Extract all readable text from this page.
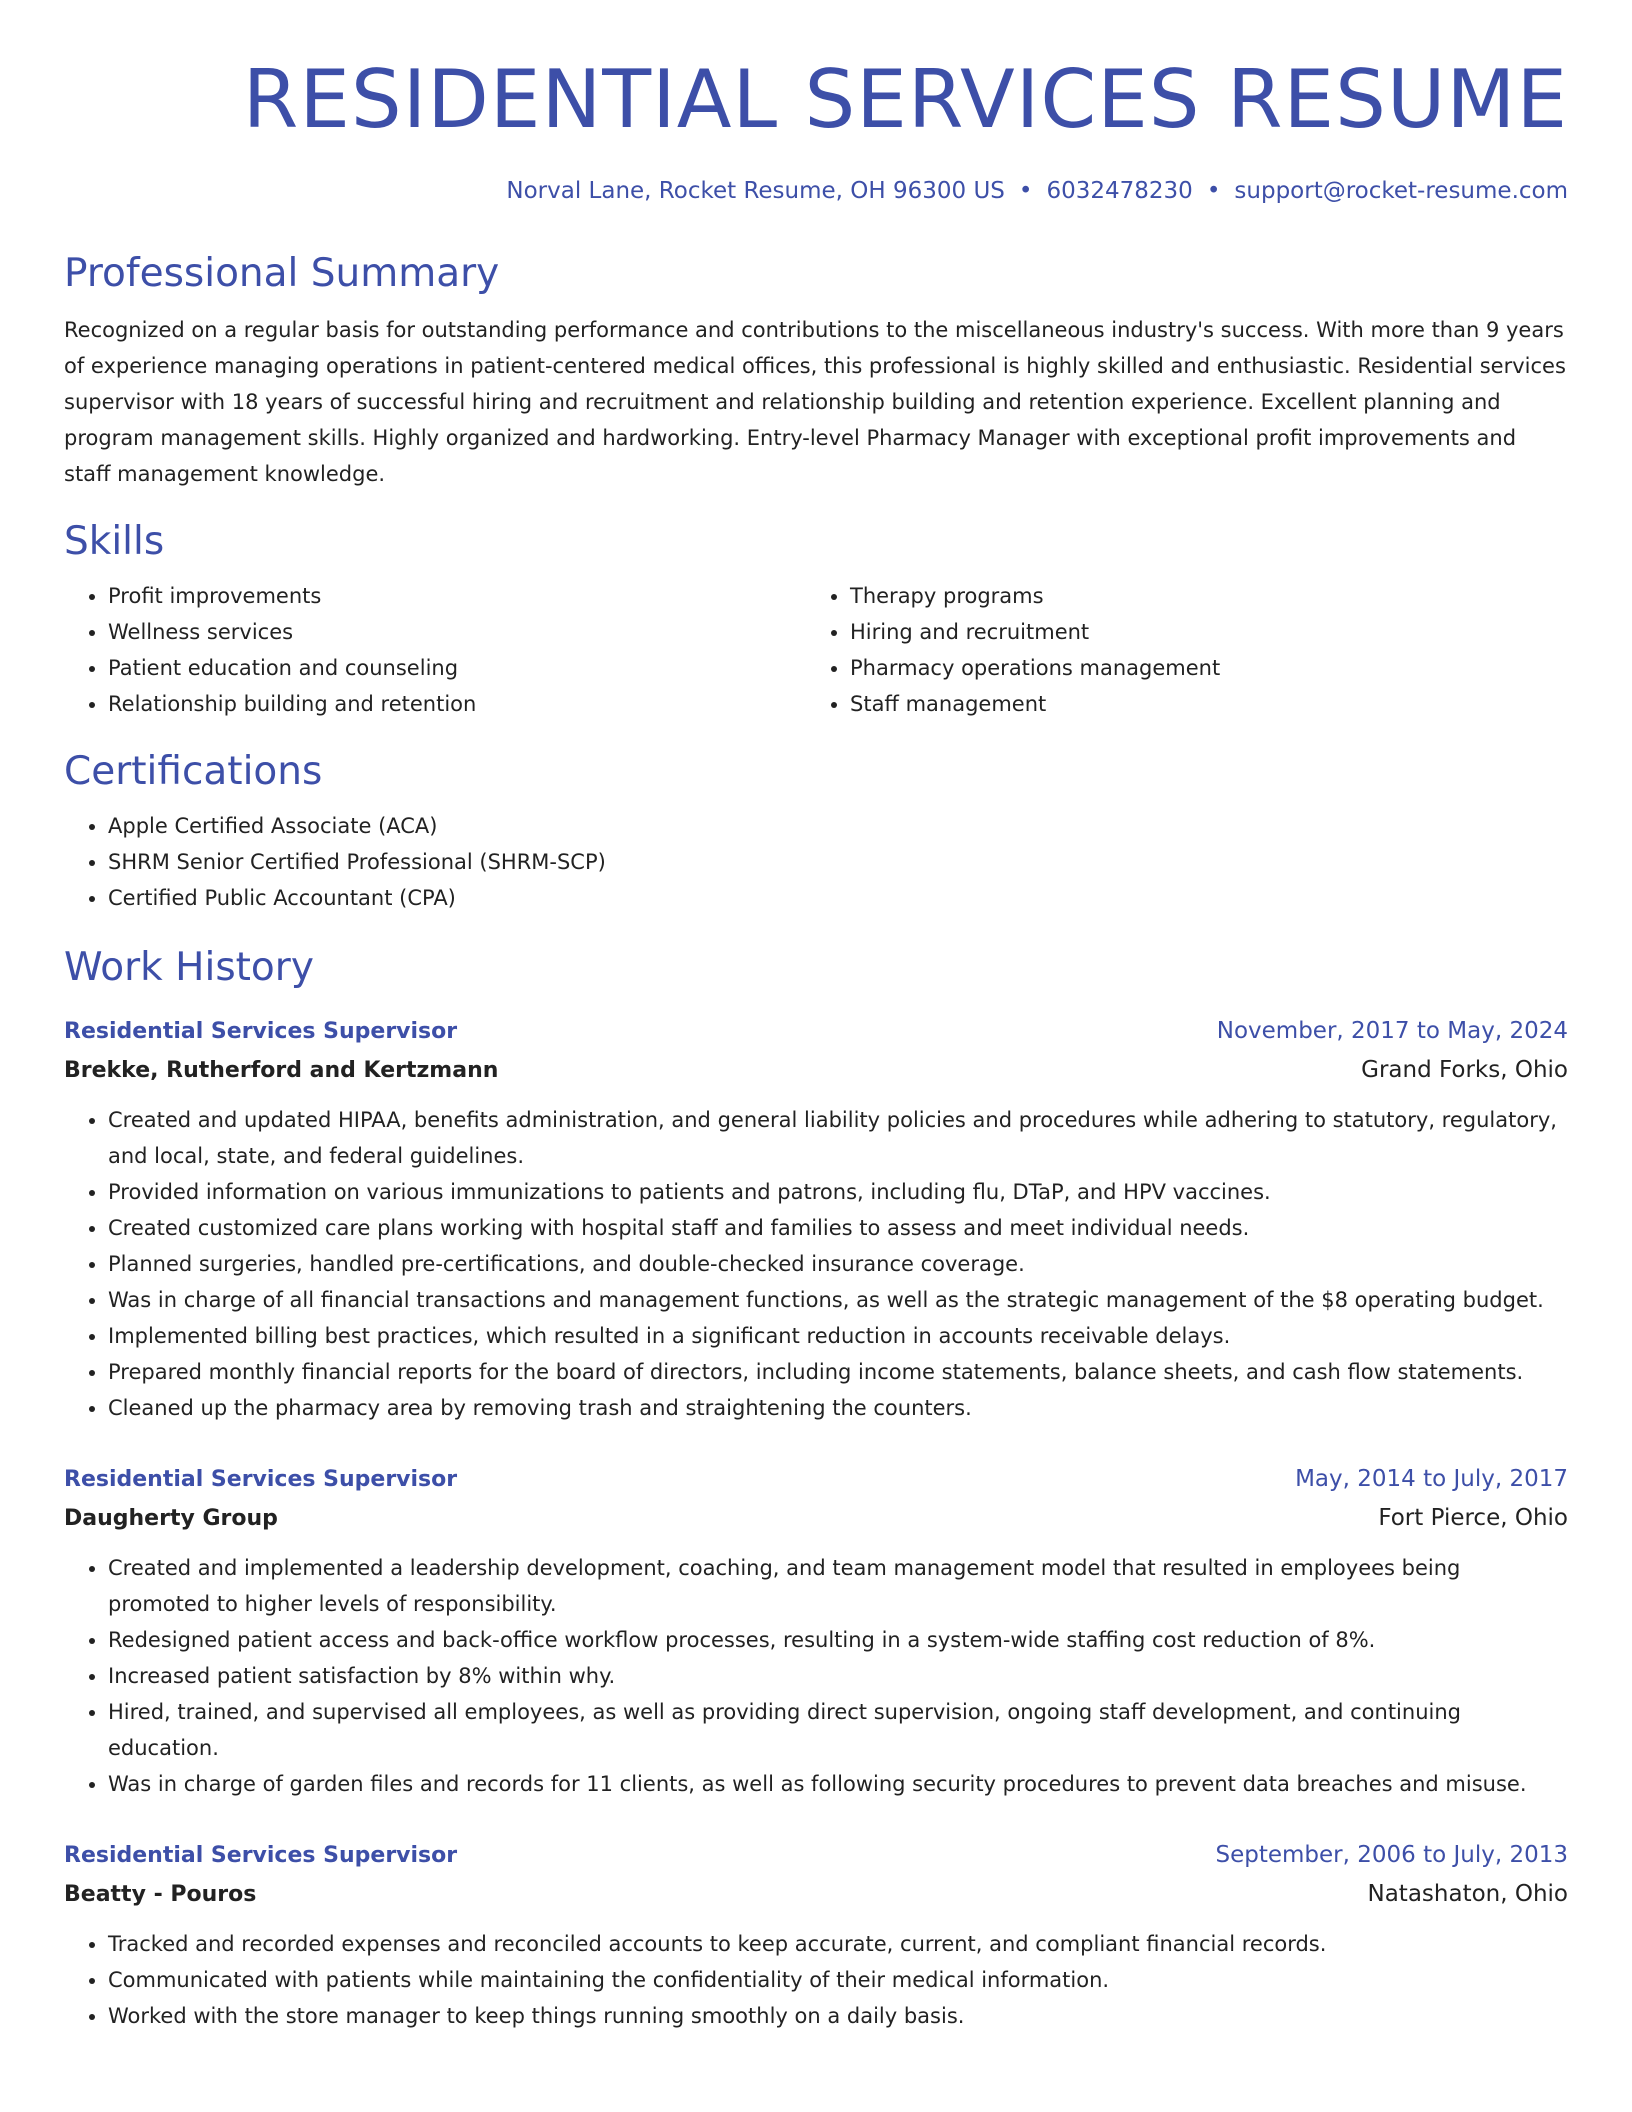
RESIDENTIAL SERVICES RESUME
Norval Lane, Rocket Resume, OH 96300 US • 6032478230 • support@rocket-resume.com
Professional Summary
Recognized on a regular basis for outstanding performance and contributions to the miscellaneous industry's success. With more than 9 years of experience managing operations in patient-centered medical offices, this professional is highly skilled and enthusiastic. Residential services supervisor with 18 years of successful hiring and recruitment and relationship building and retention experience. Excellent planning and program management skills. Highly organized and hardworking. Entry-level Pharmacy Manager with exceptional profit improvements and staff management knowledge.
Skills
• Profit improvements
• Wellness services
• Patient education and counseling
• Relationship building and retention
• Therapy programs
• Hiring and recruitment
• Pharmacy operations management
• Staff management
Certifications
• Apple Certified Associate (ACA)
• SHRM Senior Certified Professional (SHRM-SCP)
• Certified Public Accountant (CPA)
Work History
Residential Services Supervisor	November, 2017 to May, 2024
Brekke, Rutherford and Kertzmann	Grand Forks, Ohio
• Created and updated HIPAA, benefits administration, and general liability policies and procedures while adhering to statutory, regulatory, and local, state, and federal guidelines.
• Provided information on various immunizations to patients and patrons, including flu, DTaP, and HPV vaccines.
• Created customized care plans working with hospital staff and families to assess and meet individual needs.
• Planned surgeries, handled pre-certifications, and double-checked insurance coverage.
• Was in charge of all financial transactions and management functions, as well as the strategic management of the $8 operating budget.
• Implemented billing best practices, which resulted in a significant reduction in accounts receivable delays.
• Prepared monthly financial reports for the board of directors, including income statements, balance sheets, and cash flow statements.
• Cleaned up the pharmacy area by removing trash and straightening the counters.
Residential Services Supervisor	May, 2014 to July, 2017
Daugherty Group	Fort Pierce, Ohio
• Created and implemented a leadership development, coaching, and team management model that resulted in employees being promoted to higher levels of responsibility.
• Redesigned patient access and back-office workflow processes, resulting in a system-wide staffing cost reduction of 8%.
• Increased patient satisfaction by 8% within why.
• Hired, trained, and supervised all employees, as well as providing direct supervision, ongoing staff development, and continuing education.
• Was in charge of garden files and records for 11 clients, as well as following security procedures to prevent data breaches and misuse.
Residential Services Supervisor	September, 2006 to July, 2013
Beatty - Pouros	Natashaton, Ohio
• Tracked and recorded expenses and reconciled accounts to keep accurate, current, and compliant financial records.
• Communicated with patients while maintaining the confidentiality of their medical information.
• Worked with the store manager to keep things running smoothly on a daily basis.
